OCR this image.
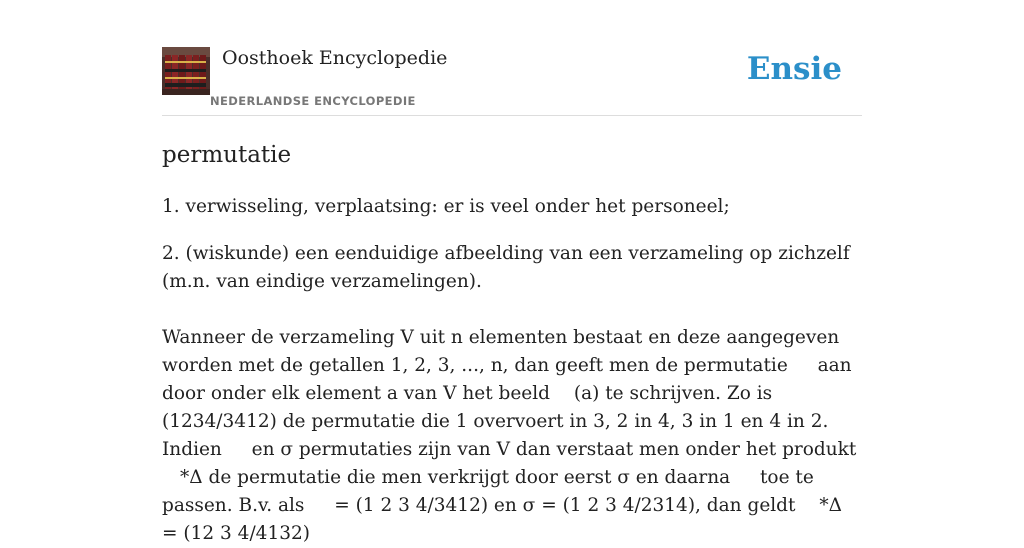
Oosthoek Encyclopedie
NEDERLANDSE ENCYCLOPEDIE
Ensie
permutatie

1. verwisseling, verplaatsing: er is veel onder het personeel;

2. (wiskunde) een eenduidige afbeelding van een verzameling op zichzelf (m.n. van eindige verzamelingen).

Wanneer de verzameling V uit n elementen bestaat en deze aangegeven worden met de getallen 1, 2, 3, ..., n, dan geeft men de permutatie aan door onder elk element a van V het beeld (a) te schrijven. Zo is (1234/3412) de permutatie die 1 overvoert in 3, 2 in 4, 3 in 1 en 4 in 2. Indien en σ permutaties zijn van V dan verstaat men onder het produkt *Δ de permutatie die men verkrijgt door eerst σ en daarna toe te passen. B.v. als = (1 2 3 4/3412) en σ = (1 2 3 4/2314), dan geldt *Δ = (12 3 4/4132)
